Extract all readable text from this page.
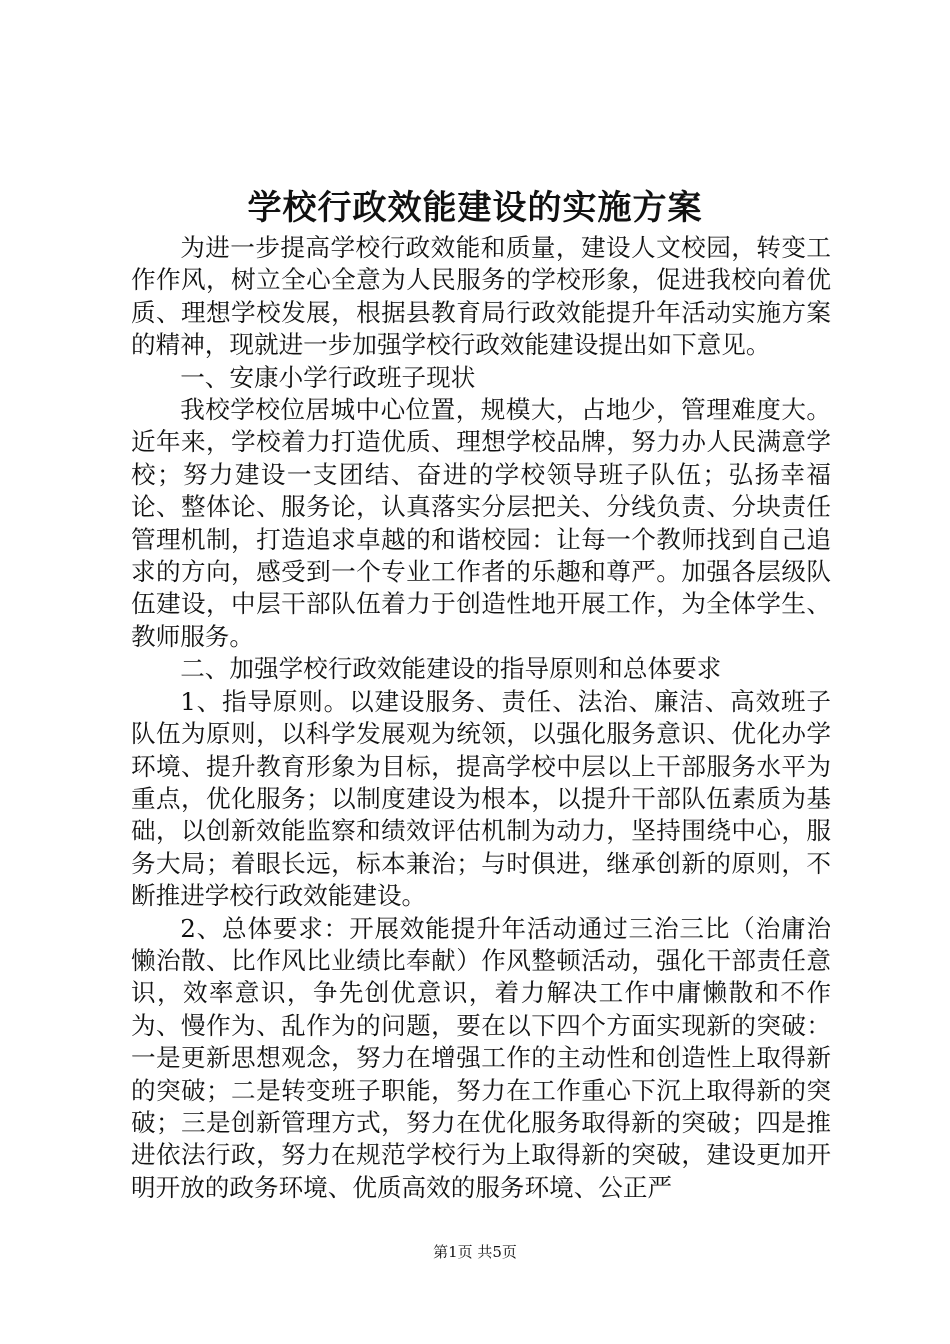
学校行政效能建设的实施方案

为进一步提高学校行政效能和质量，建设人文校园，转变工作作风，树立全心全意为人民服务的学校形象，促进我校向着优质、理想学校发展，根据县教育局行政效能提升年活动实施方案的精神，现就进一步加强学校行政效能建设提出如下意见。

一、安康小学行政班子现状

我校学校位居城中心位置，规模大，占地少，管理难度大。近年来，学校着力打造优质、理想学校品牌，努力办人民满意学校；努力建设一支团结、奋进的学校领导班子队伍；弘扬幸福论、整体论、服务论，认真落实分层把关、分线负责、分块责任管理机制，打造追求卓越的和谐校园：让每一个教师找到自己追求的方向，感受到一个专业工作者的乐趣和尊严。加强各层级队伍建设，中层干部队伍着力于创造性地开展工作，为全体学生、教师服务。

二、加强学校行政效能建设的指导原则和总体要求

1、指导原则。以建设服务、责任、法治、廉洁、高效班子队伍为原则，以科学发展观为统领，以强化服务意识、优化办学环境、提升教育形象为目标，提高学校中层以上干部服务水平为重点，优化服务；以制度建设为根本，以提升干部队伍素质为基础，以创新效能监察和绩效评估机制为动力，坚持围绕中心，服务大局；着眼长远，标本兼治；与时俱进，继承创新的原则，不断推进学校行政效能建设。

2、总体要求：开展效能提升年活动通过三治三比（治庸治懒治散、比作风比业绩比奉献）作风整顿活动，强化干部责任意识，效率意识，争先创优意识，着力解决工作中庸懒散和不作为、慢作为、乱作为的问题，要在以下四个方面实现新的突破：一是更新思想观念，努力在增强工作的主动性和创造性上取得新的突破；二是转变班子职能，努力在工作重心下沉上取得新的突破；三是创新管理方式，努力在优化服务取得新的突破；四是推进依法行政，努力在规范学校行为上取得新的突破，建设更加开明开放的政务环境、优质高效的服务环境、公正严

第1页 共5页
